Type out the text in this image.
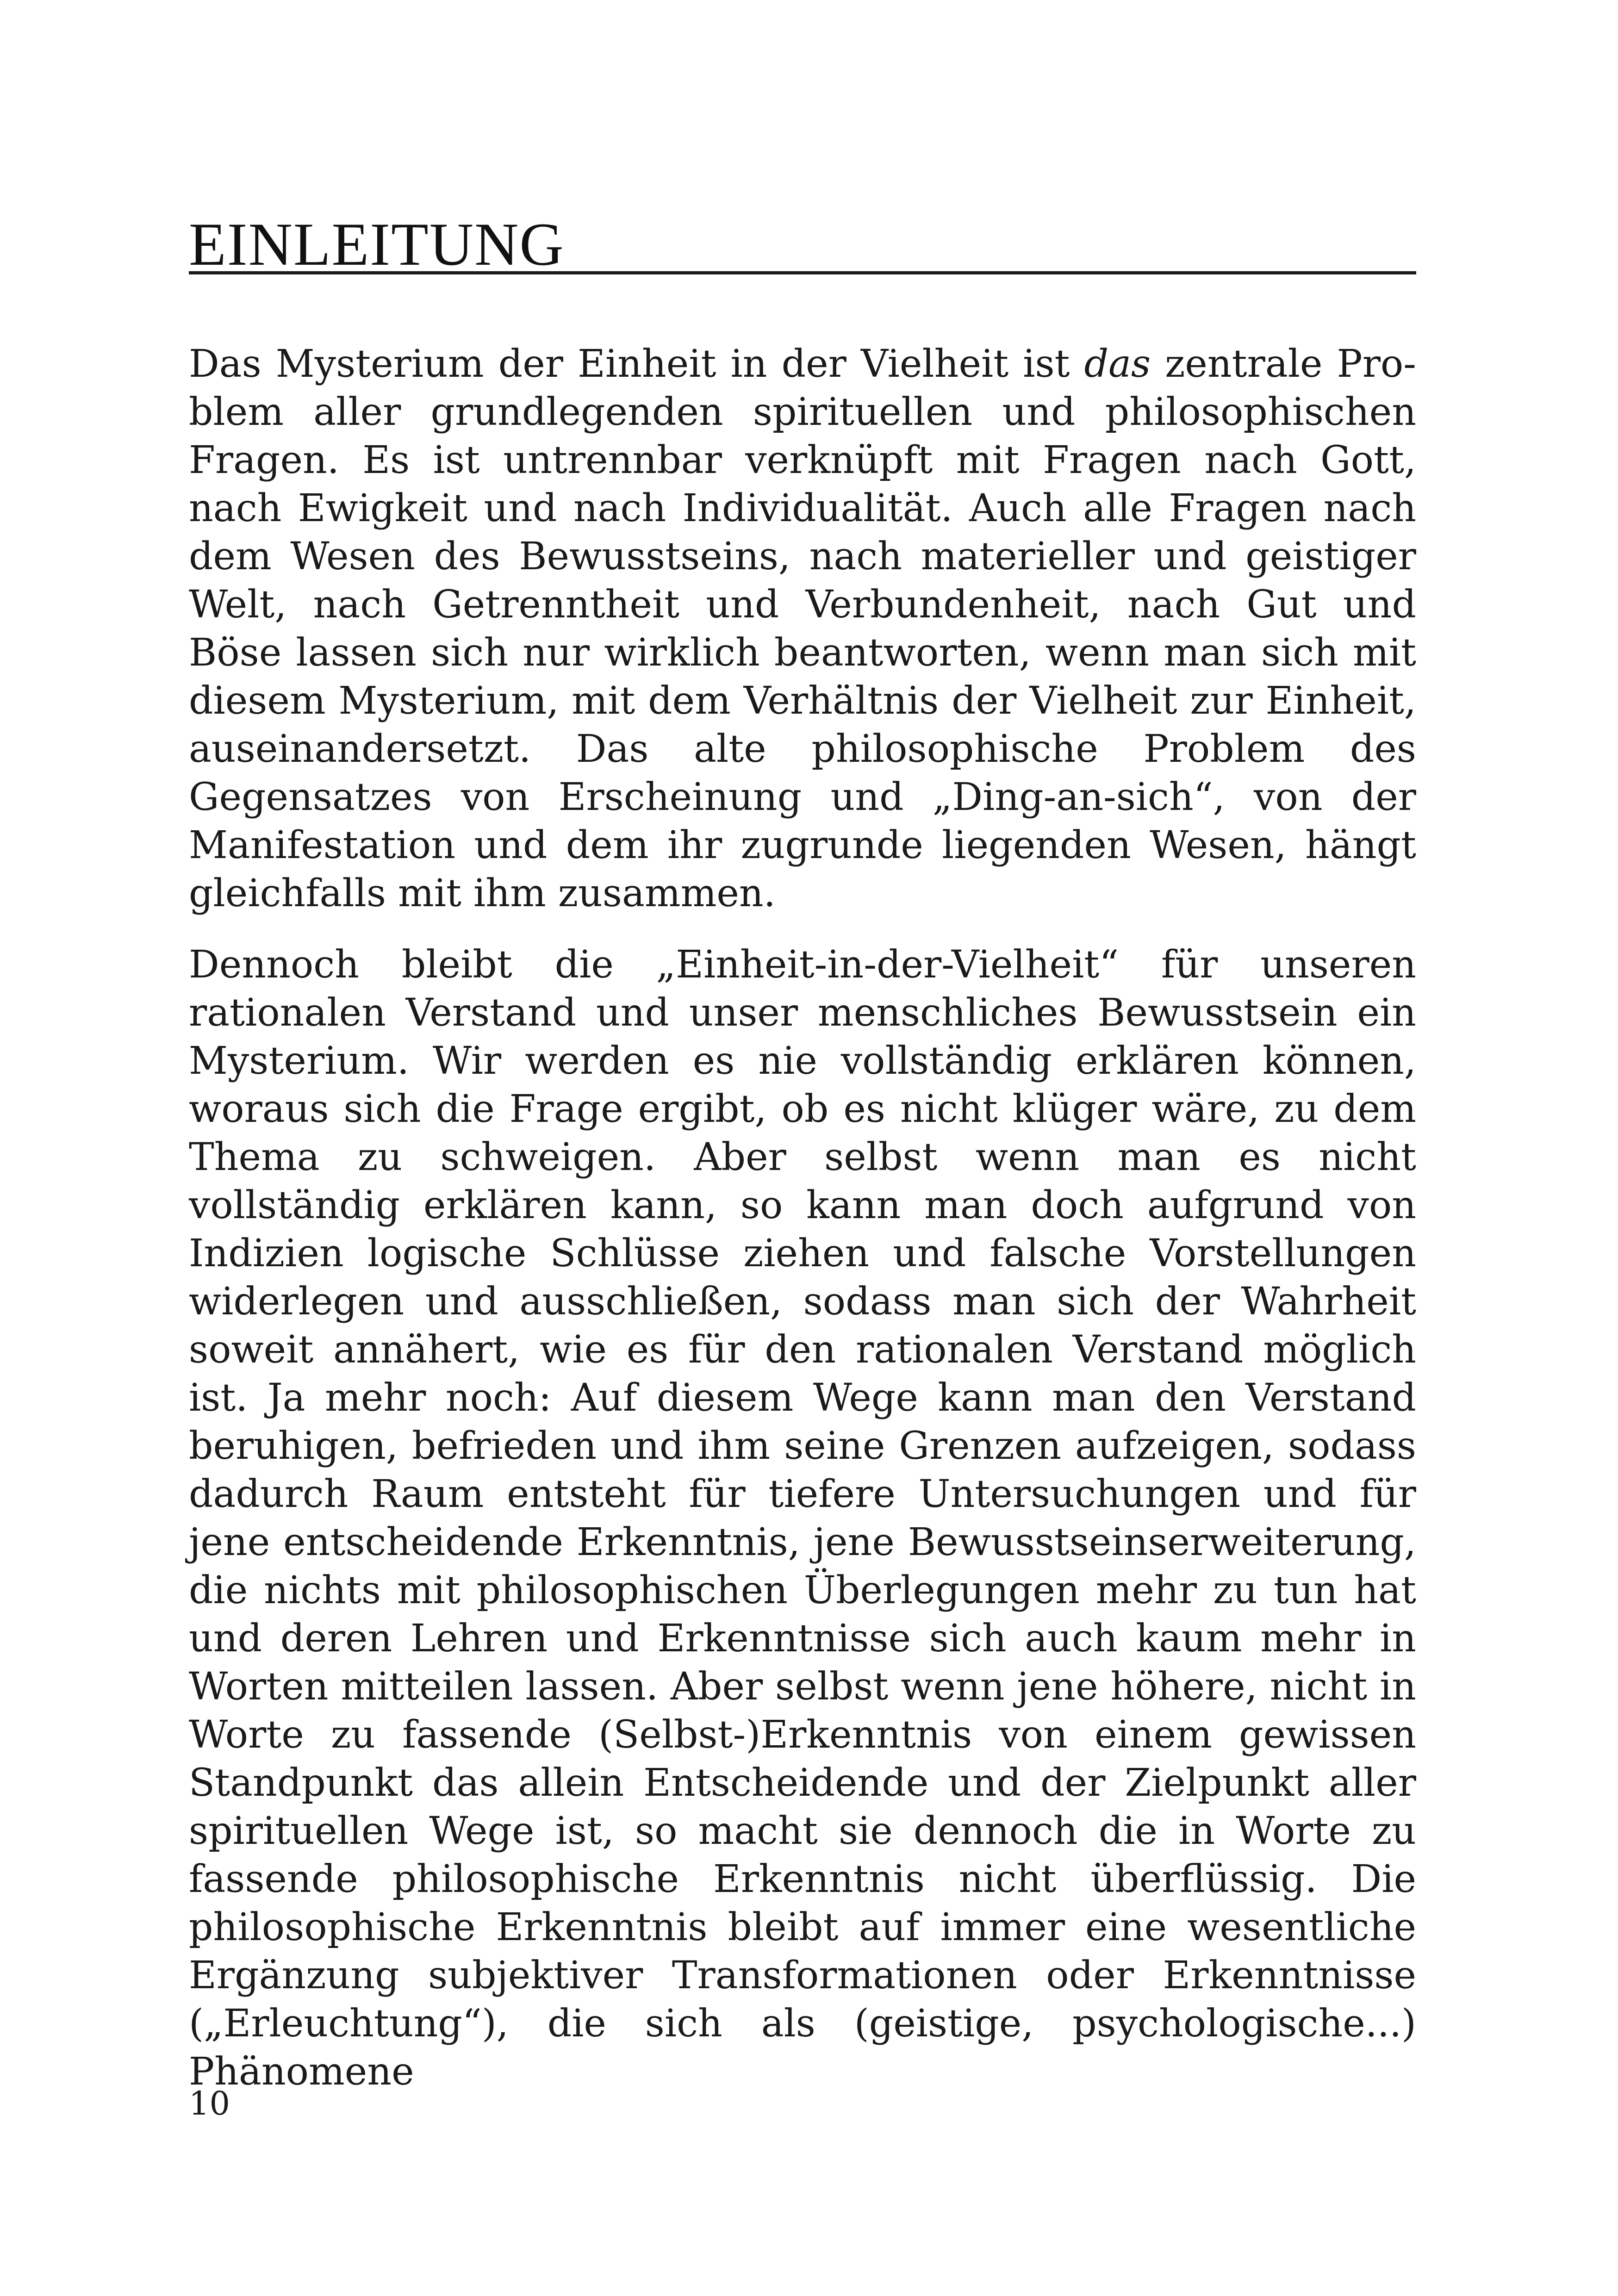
EINLEITUNG

Das Mysterium der Einheit in der Vielheit ist das zentrale Problem aller grundlegenden spirituellen und philosophischen Fragen. Es ist untrennbar verknüpft mit Fragen nach Gott, nach Ewigkeit und nach Individualität. Auch alle Fragen nach dem Wesen des Bewusstseins, nach materieller und geistiger Welt, nach Getrenntheit und Verbundenheit, nach Gut und Böse lassen sich nur wirklich beantworten, wenn man sich mit diesem Mysterium, mit dem Verhältnis der Vielheit zur Einheit, auseinandersetzt. Das alte philosophische Problem des Gegensatzes von Erscheinung und „Ding-an-sich“, von der Manifestation und dem ihr zugrunde liegenden Wesen, hängt gleichfalls mit ihm zusammen.

Dennoch bleibt die „Einheit-in-der-Vielheit“ für unseren rationalen Verstand und unser menschliches Bewusstsein ein Mysterium. Wir werden es nie vollständig erklären können, woraus sich die Frage ergibt, ob es nicht klüger wäre, zu dem Thema zu schweigen. Aber selbst wenn man es nicht vollständig erklären kann, so kann man doch aufgrund von Indizien logische Schlüsse ziehen und falsche Vorstellungen widerlegen und ausschließen, sodass man sich der Wahrheit soweit annähert, wie es für den rationalen Verstand möglich ist. Ja mehr noch: Auf diesem Wege kann man den Verstand beruhigen, befrieden und ihm seine Grenzen aufzeigen, sodass dadurch Raum entsteht für tiefere Untersuchungen und für jene entscheidende Erkenntnis, jene Bewusstseinserweiterung, die nichts mit philosophischen Überlegungen mehr zu tun hat und deren Lehren und Erkenntnisse sich auch kaum mehr in Worten mitteilen lassen. Aber selbst wenn jene höhere, nicht in Worte zu fassende (Selbst-)Erkenntnis von einem gewissen Standpunkt das allein Entscheidende und der Zielpunkt aller spirituellen Wege ist, so macht sie dennoch die in Worte zu fassende philosophische Erkenntnis nicht überflüssig. Die philosophische Erkenntnis bleibt auf immer eine wesentliche Ergänzung subjektiver Transformationen oder Erkenntnisse („Erleuchtung“), die sich als (geistige, psychologische...) Phänomene

10
